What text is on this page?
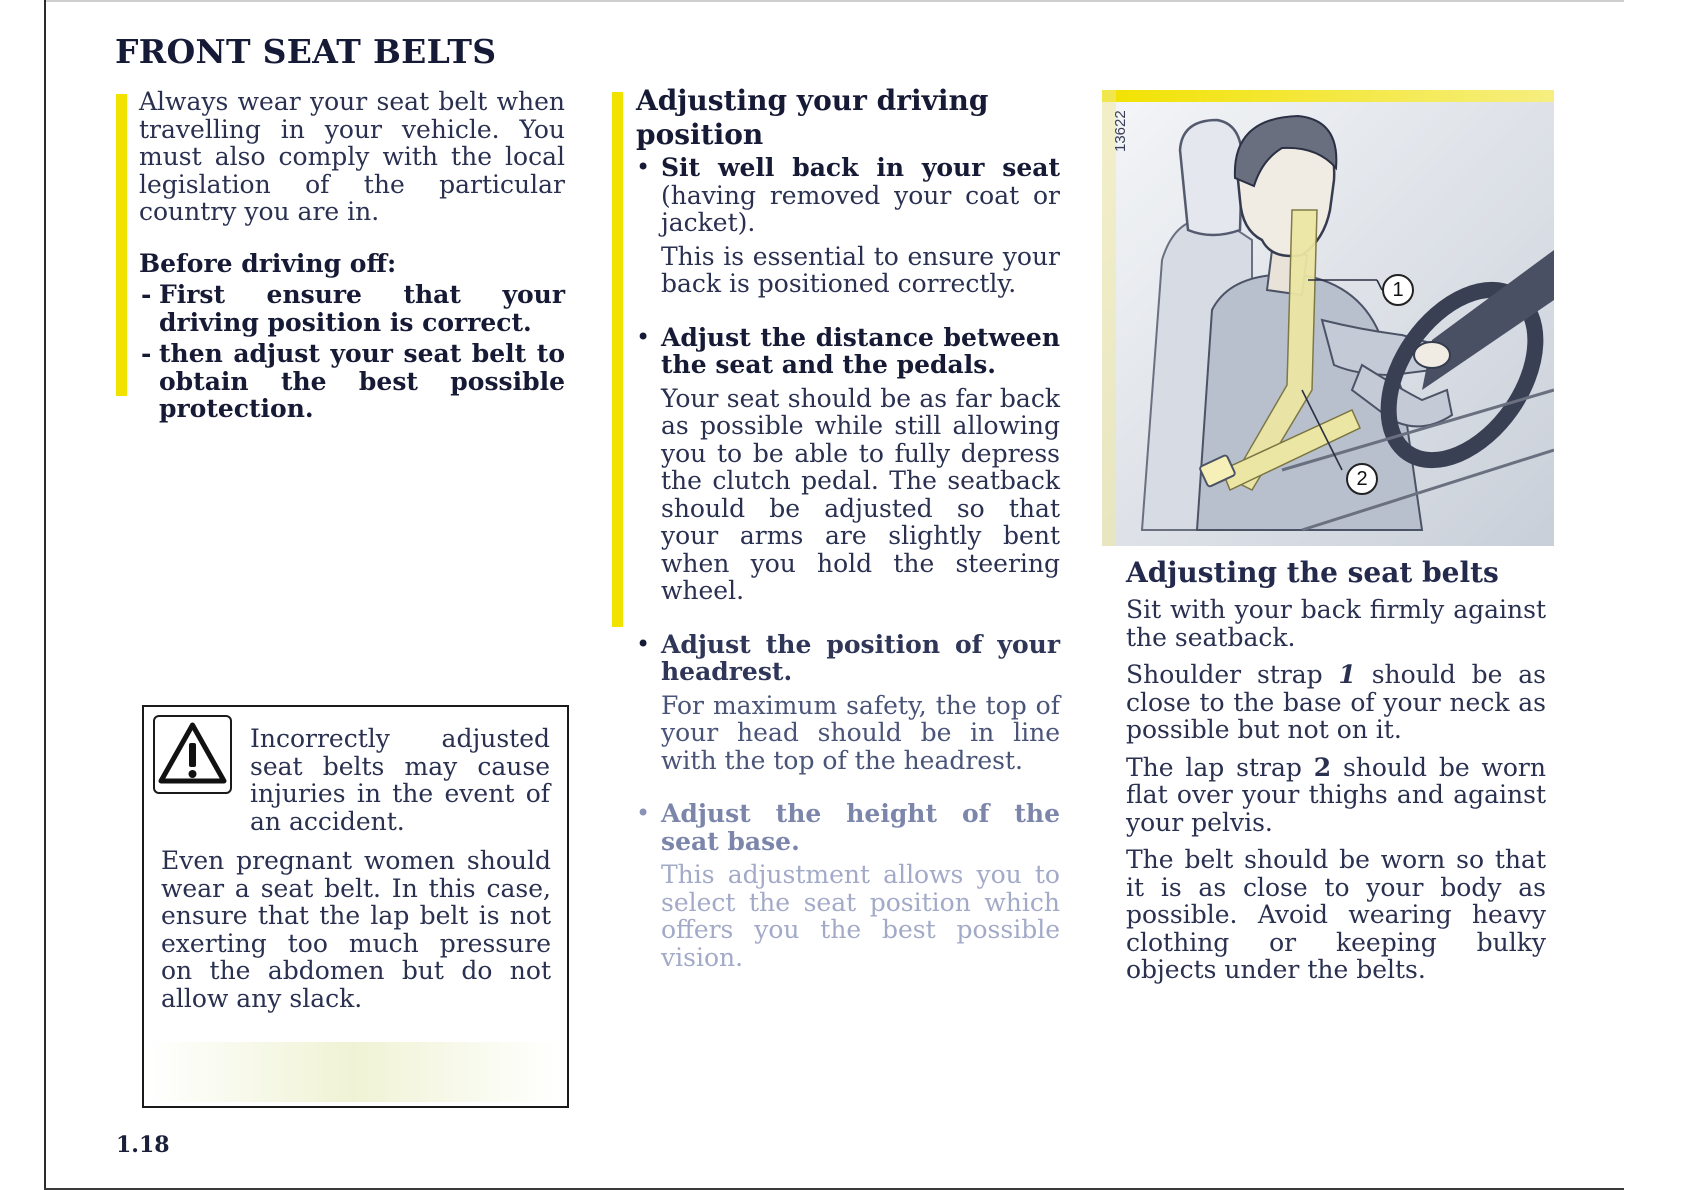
FRONT SEAT BELTS

Always wear your seat belt when travelling in your vehicle. You must also comply with the local legislation of the particular country you are in.

Before driving off:

- First ensure that your driving position is correct.

- then adjust your seat belt to obtain the best possible protection.

Incorrectly adjusted seat belts may cause injuries in the event of an accident.

Even pregnant women should wear a seat belt. In this case, ensure that the lap belt is not exerting too much pressure on the abdomen but do not allow any slack.

1.18
Adjusting your driving position

• Sit well back in your seat (having removed your coat or jacket).

This is essential to ensure your back is positioned correctly.

• Adjust the distance between the seat and the pedals.

Your seat should be as far back as possible while still allowing you to be able to fully depress the clutch pedal. The seatback should be adjusted so that your arms are slightly bent when you hold the steering wheel.

• Adjust the position of your headrest.

For maximum safety, the top of your head should be in line with the top of the headrest.

• Adjust the height of the seat base.

This adjustment allows you to select the seat position which offers you the best possible vision.

1
2
13622
Adjusting the seat belts

Sit with your back firmly against the seatback.

Shoulder strap 1 should be as close to the base of your neck as possible but not on it.

The lap strap 2 should be worn flat over your thighs and against your pelvis.

The belt should be worn so that it is as close to your body as possible. Avoid wearing heavy clothing or keeping bulky objects under the belts.
